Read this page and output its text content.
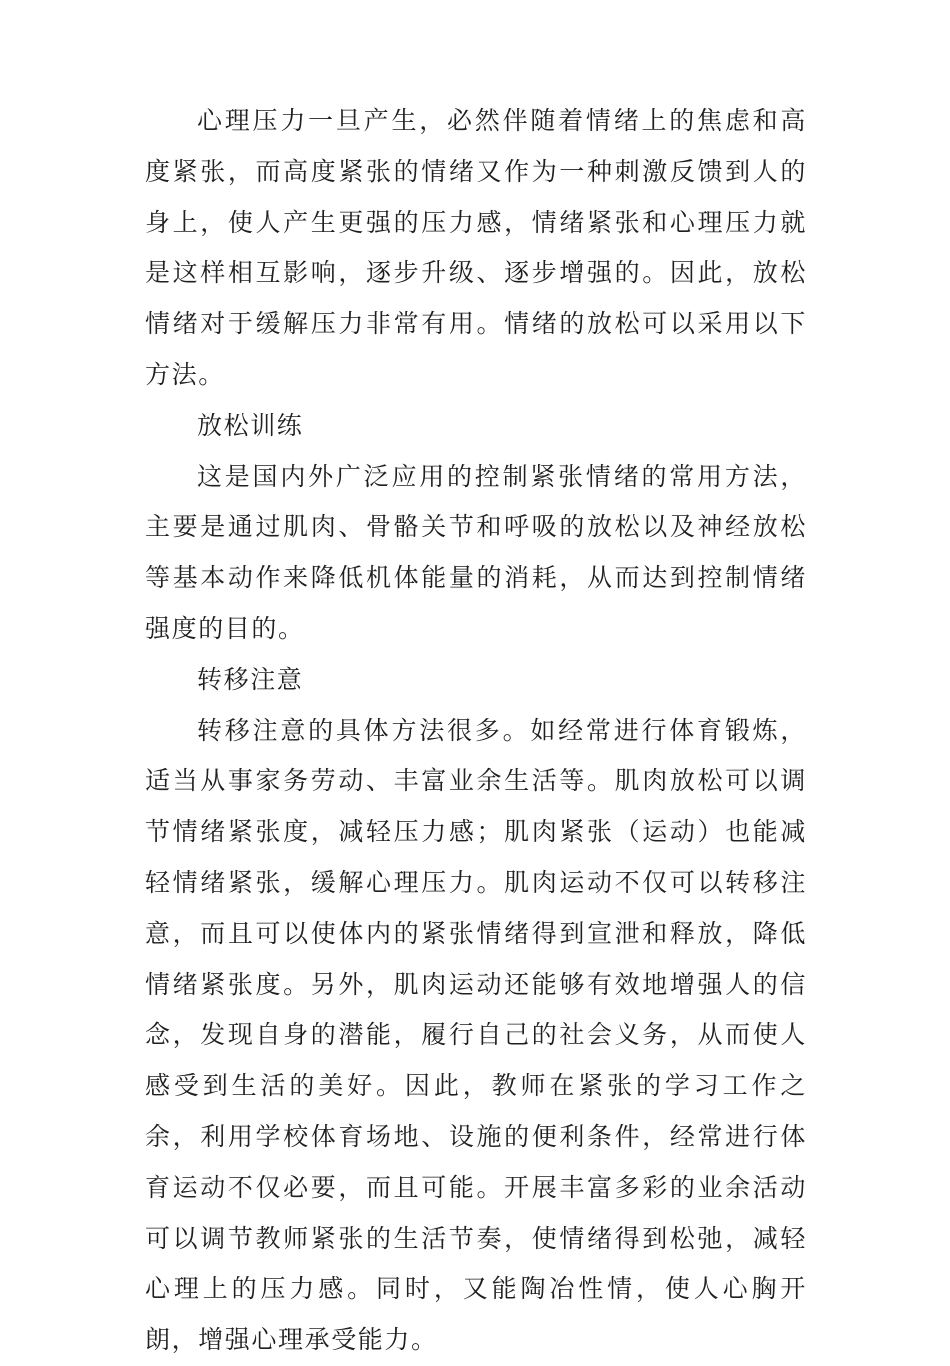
心理压力一旦产生，必然伴随着情绪上的焦虑和高度紧张，而高度紧张的情绪又作为一种刺激反馈到人的身上，使人产生更强的压力感，情绪紧张和心理压力就是这样相互影响，逐步升级、逐步增强的。因此，放松情绪对于缓解压力非常有用。情绪的放松可以采用以下方法。

放松训练

这是国内外广泛应用的控制紧张情绪的常用方法，主要是通过肌肉、骨骼关节和呼吸的放松以及神经放松等基本动作来降低机体能量的消耗，从而达到控制情绪强度的目的。

转移注意

转移注意的具体方法很多。如经常进行体育锻炼，适当从事家务劳动、丰富业余生活等。肌肉放松可以调节情绪紧张度，减轻压力感；肌肉紧张（运动）也能减轻情绪紧张，缓解心理压力。肌肉运动不仅可以转移注意，而且可以使体内的紧张情绪得到宣泄和释放，降低情绪紧张度。另外，肌肉运动还能够有效地增强人的信念，发现自身的潜能，履行自己的社会义务，从而使人感受到生活的美好。因此，教师在紧张的学习工作之余，利用学校体育场地、设施的便利条件，经常进行体育运动不仅必要，而且可能。开展丰富多彩的业余活动可以调节教师紧张的生活节奏，使情绪得到松弛，减轻心理上的压力感。同时，又能陶冶性情，使人心胸开朗，增强心理承受能力。
